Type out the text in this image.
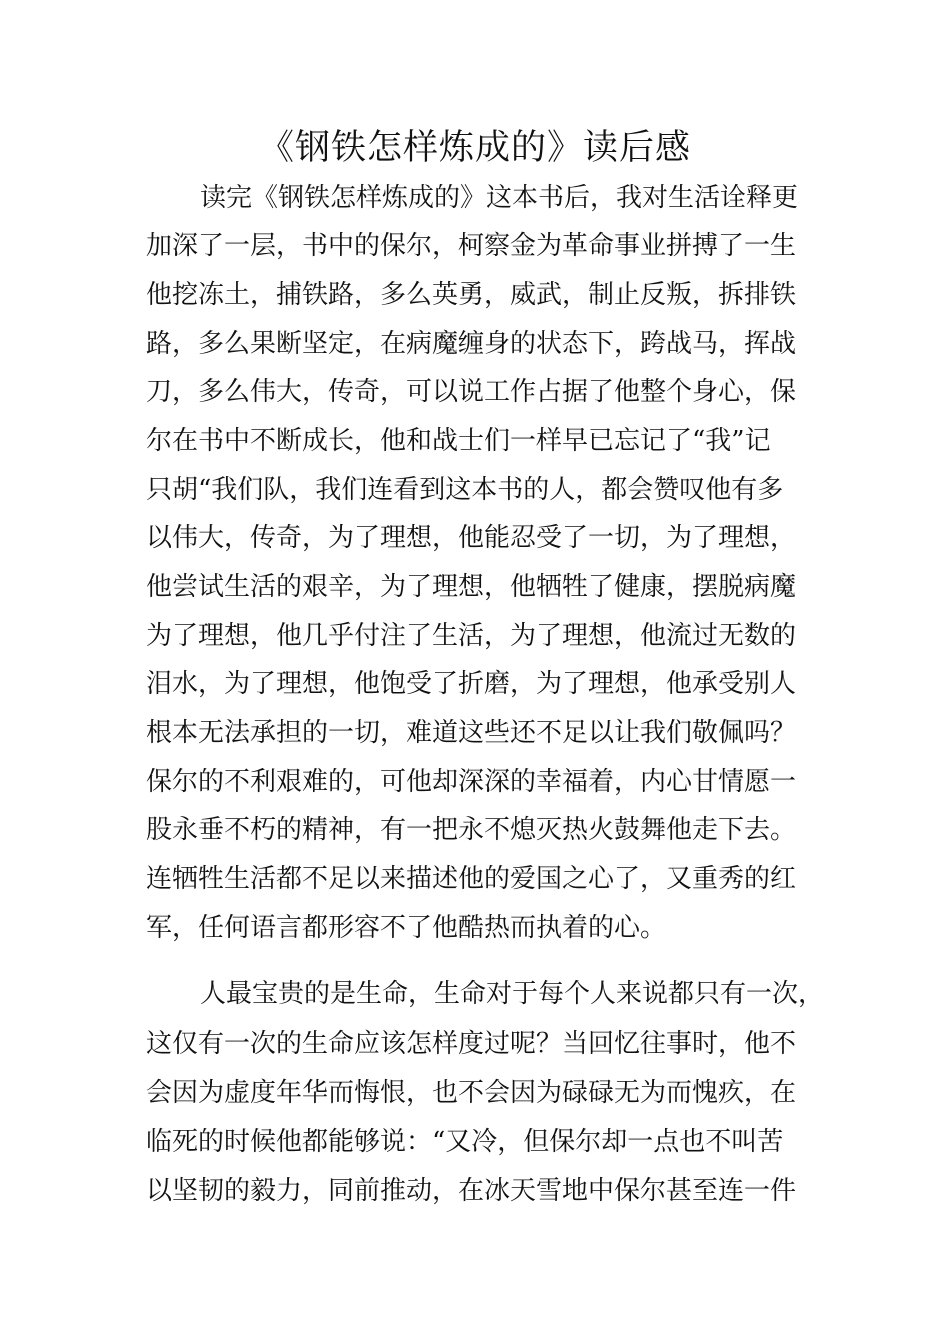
《钢铁怎样炼成的》读后感
读完《钢铁怎样炼成的》这本书后，我对生活诠释更
加深了一层，书中的保尔，柯察金为革命事业拼搏了一生
他挖冻土，捕铁路，多么英勇，威武，制止反叛，拆排铁
路，多么果断坚定，在病魔缠身的状态下，跨战马，挥战
刀，多么伟大，传奇，可以说工作占据了他整个身心，保
尔在书中不断成长，他和战士们一样早已忘记了“我”记
只胡“我们队，我们连看到这本书的人，都会赞叹他有多
以伟大，传奇，为了理想，他能忍受了一切，为了理想，
他尝试生活的艰辛，为了理想，他牺牲了健康，摆脱病魔
为了理想，他几乎付注了生活，为了理想，他流过无数的
泪水，为了理想，他饱受了折磨，为了理想，他承受别人
根本无法承担的一切，难道这些还不足以让我们敬佩吗？
保尔的不利艰难的，可他却深深的幸福着，内心甘情愿一
股永垂不朽的精神，有一把永不熄灭热火鼓舞他走下去。
连牺牲生活都不足以来描述他的爱国之心了，又重秀的红
军，任何语言都形容不了他酷热而执着的心。
人最宝贵的是生命，生命对于每个人来说都只有一次，
这仅有一次的生命应该怎样度过呢？当回忆往事时，他不
会因为虚度年华而悔恨，也不会因为碌碌无为而愧疚，在
临死的时候他都能够说：“又冷，但保尔却一点也不叫苦
以坚韧的毅力，同前推动，在冰天雪地中保尔甚至连一件
